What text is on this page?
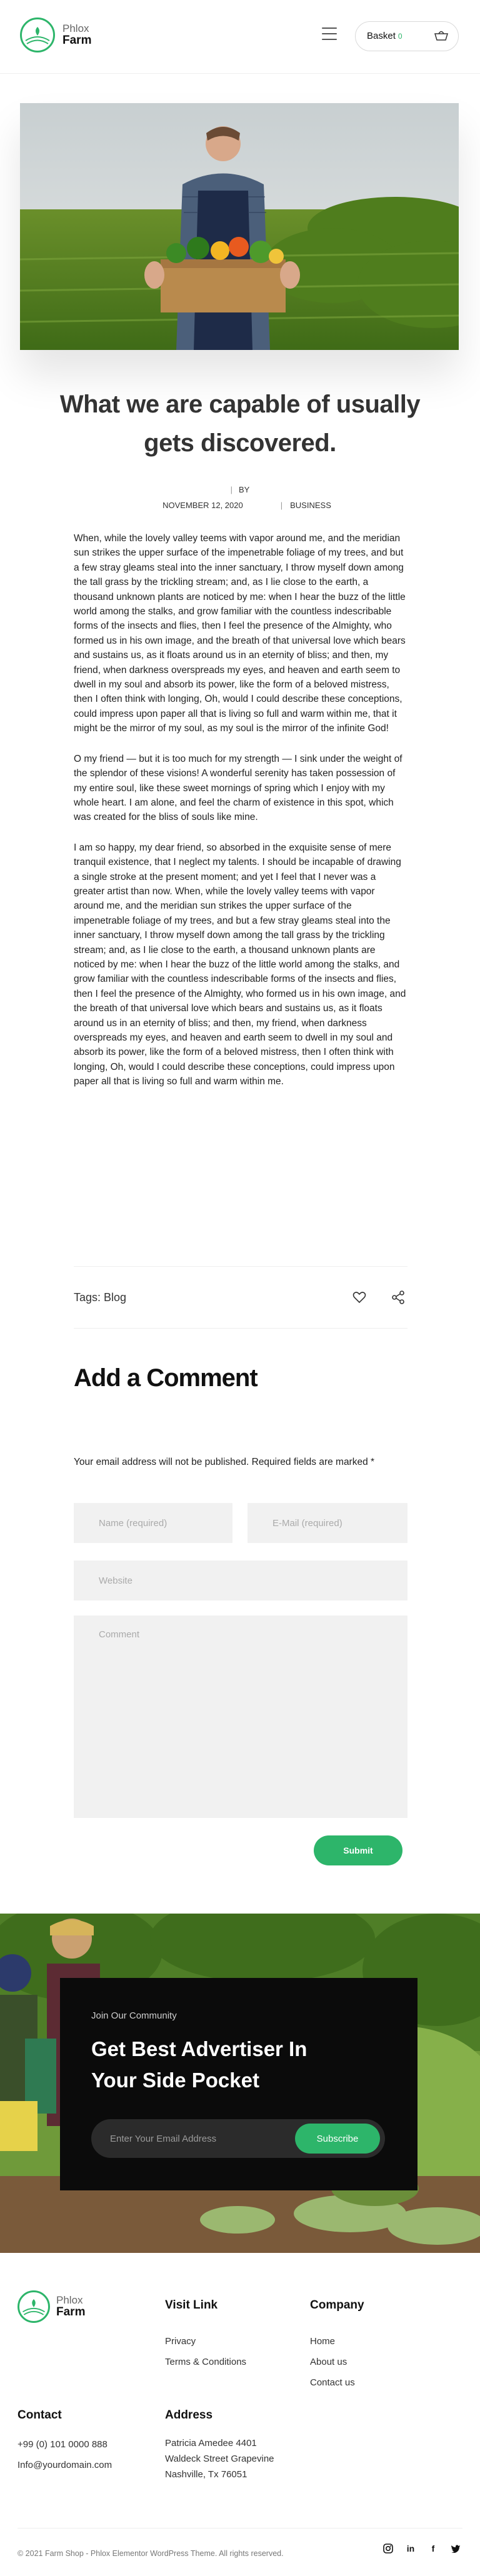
Phlox
Farm	Basket 0
What we are capable of usually gets discovered.
| BY
NOVEMBER 12, 2020	| BUSINESS

When, while the lovely valley teems with vapor around me, and the meridian sun strikes the upper surface of the impenetrable foliage of my trees, and but a few stray gleams steal into the inner sanctuary, I throw myself down among the tall grass by the trickling stream; and, as I lie close to the earth, a thousand unknown plants are noticed by me: when I hear the buzz of the little world among the stalks, and grow familiar with the countless indescribable forms of the insects and flies, then I feel the presence of the Almighty, who formed us in his own image, and the breath of that universal love which bears and sustains us, as it floats around us in an eternity of bliss; and then, my friend, when darkness overspreads my eyes, and heaven and earth seem to dwell in my soul and absorb its power, like the form of a beloved mistress, then I often think with longing, Oh, would I could describe these conceptions, could impress upon paper all that is living so full and warm within me, that it might be the mirror of my soul, as my soul is the mirror of the infinite God!

O my friend — but it is too much for my strength — I sink under the weight of the splendor of these visions! A wonderful serenity has taken possession of my entire soul, like these sweet mornings of spring which I enjoy with my whole heart. I am alone, and feel the charm of existence in this spot, which was created for the bliss of souls like mine.

I am so happy, my dear friend, so absorbed in the exquisite sense of mere tranquil existence, that I neglect my talents. I should be incapable of drawing a single stroke at the present moment; and yet I feel that I never was a greater artist than now. When, while the lovely valley teems with vapor around me, and the meridian sun strikes the upper surface of the impenetrable foliage of my trees, and but a few stray gleams steal into the inner sanctuary, I throw myself down among the tall grass by the trickling stream; and, as I lie close to the earth, a thousand unknown plants are noticed by me: when I hear the buzz of the little world among the stalks, and grow familiar with the countless indescribable forms of the insects and flies, then I feel the presence of the Almighty, who formed us in his own image, and the breath of that universal love which bears and sustains us, as it floats around us in an eternity of bliss; and then, my friend, when darkness overspreads my eyes, and heaven and earth seem to dwell in my soul and absorb its power, like the form of a beloved mistress, then I often think with longing, Oh, would I could describe these conceptions, could impress upon paper all that is living so full and warm within me.

Tags: Blog
Add a Comment

Your email address will not be published. Required fields are marked *

Name (required)
E-Mail (required)
Website
Comment
Submit
Join Our Community
Get Best Advertiser In Your Side Pocket
Enter Your Email Address
Subscribe
Phlox
Farm
Visit Link
Privacy
Terms & Conditions
Company
Home
About us
Contact us
Contact
+99 (0) 101 0000 888
Info@yourdomain.com
Address
Patricia Amedee 4401
Waldeck Street Grapevine
Nashville, Tx 76051
© 2021 Farm Shop - Phlox Elementor WordPress Theme. All rights reserved.	in	f
